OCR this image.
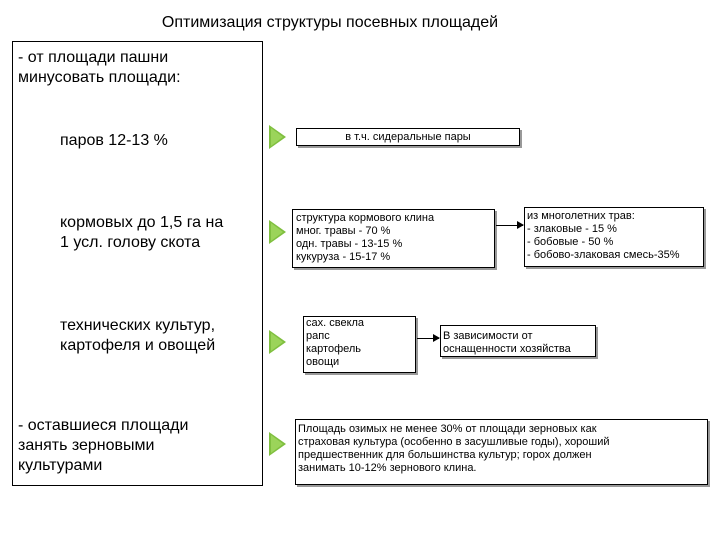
Оптимизация структуры посевных площадей
- от площади пашни
минусовать площади:
паров 12-13 %
кормовых до 1,5 га на
1 усл. голову скота
технических культур,
картофеля и овощей
- оставшиеся площади
занять зерновыми
культурами
в т.ч. сидеральные пары
структура кормового клина
мног. травы - 70 %
одн. травы - 13-15 %
кукуруза - 15-17 %
из многолетних трав:
- злаковые - 15 %
- бобовые - 50 %
- бобово-злаковая смесь-35%
сах. свекла
рапс
картофель
овощи
В зависимости от
оснащенности хозяйства
Площадь озимых не менее 30% от площади зерновых как
страховая культура (особенно в засушливые годы), хороший
предшественник для большинства культур; горох должен
занимать 10-12% зернового клина.
